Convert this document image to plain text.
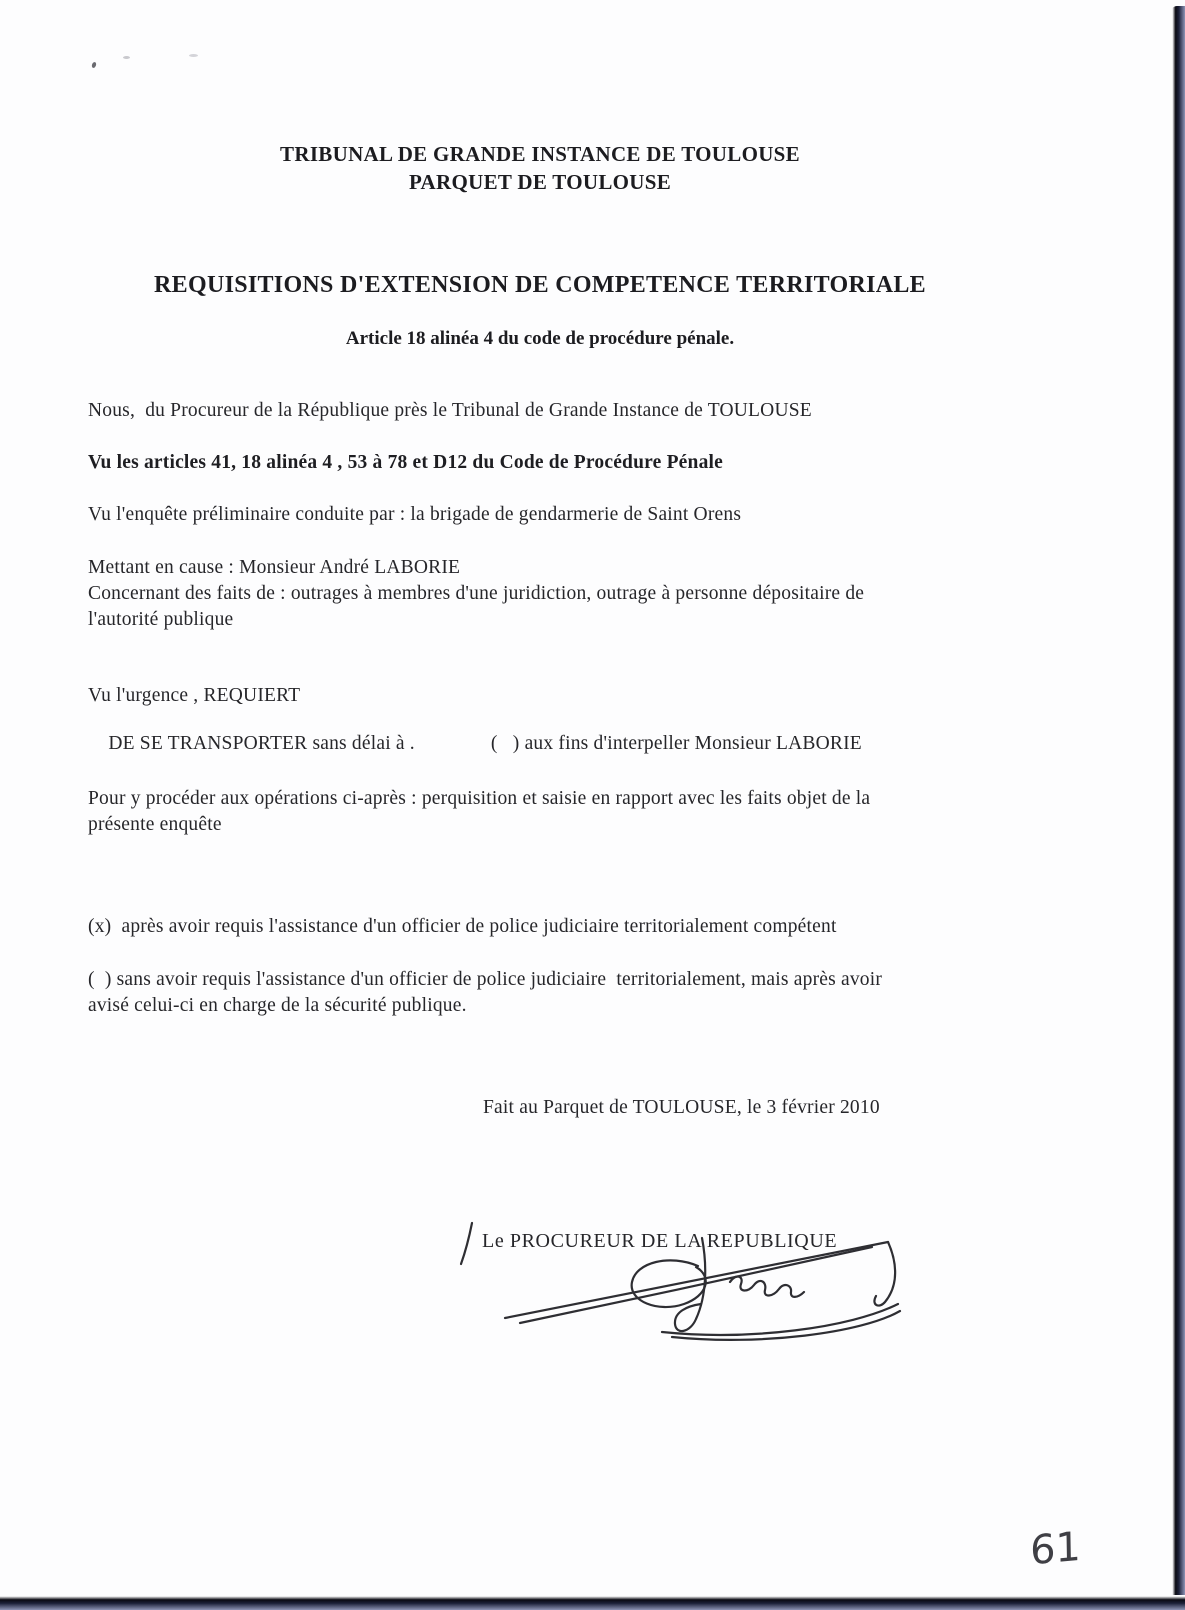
TRIBUNAL DE GRANDE INSTANCE DE TOULOUSE
PARQUET DE TOULOUSE
REQUISITIONS D'EXTENSION DE COMPETENCE TERRITORIALE
Article 18 alinéa 4 du code de procédure pénale.
Nous,  du Procureur de la République près le Tribunal de Grande Instance de TOULOUSE
Vu les articles 41, 18 alinéa 4 , 53 à 78 et D12 du Code de Procédure Pénale
Vu l'enquête préliminaire conduite par : la brigade de gendarmerie de Saint Orens
Mettant en cause : Monsieur André LABORIE
Concernant des faits de : outrages à membres d'une juridiction, outrage à personne dépositaire de
l'autorité publique
Vu l'urgence , REQUIERT

DE SE TRANSPORTER sans délai à .	(   ) aux fins d'interpeller Monsieur LABORIE

Pour y procéder aux opérations ci-après : perquisition et saisie en rapport avec les faits objet de la
présente enquête
(x)  après avoir requis l'assistance d'un officier de police judiciaire territorialement compétent
(  ) sans avoir requis l'assistance d'un officier de police judiciaire  territorialement, mais après avoir
avisé celui-ci en charge de la sécurité publique.
Fait au Parquet de TOULOUSE, le 3 février 2010
Le PROCUREUR DE LA REPUBLIQUE
61
